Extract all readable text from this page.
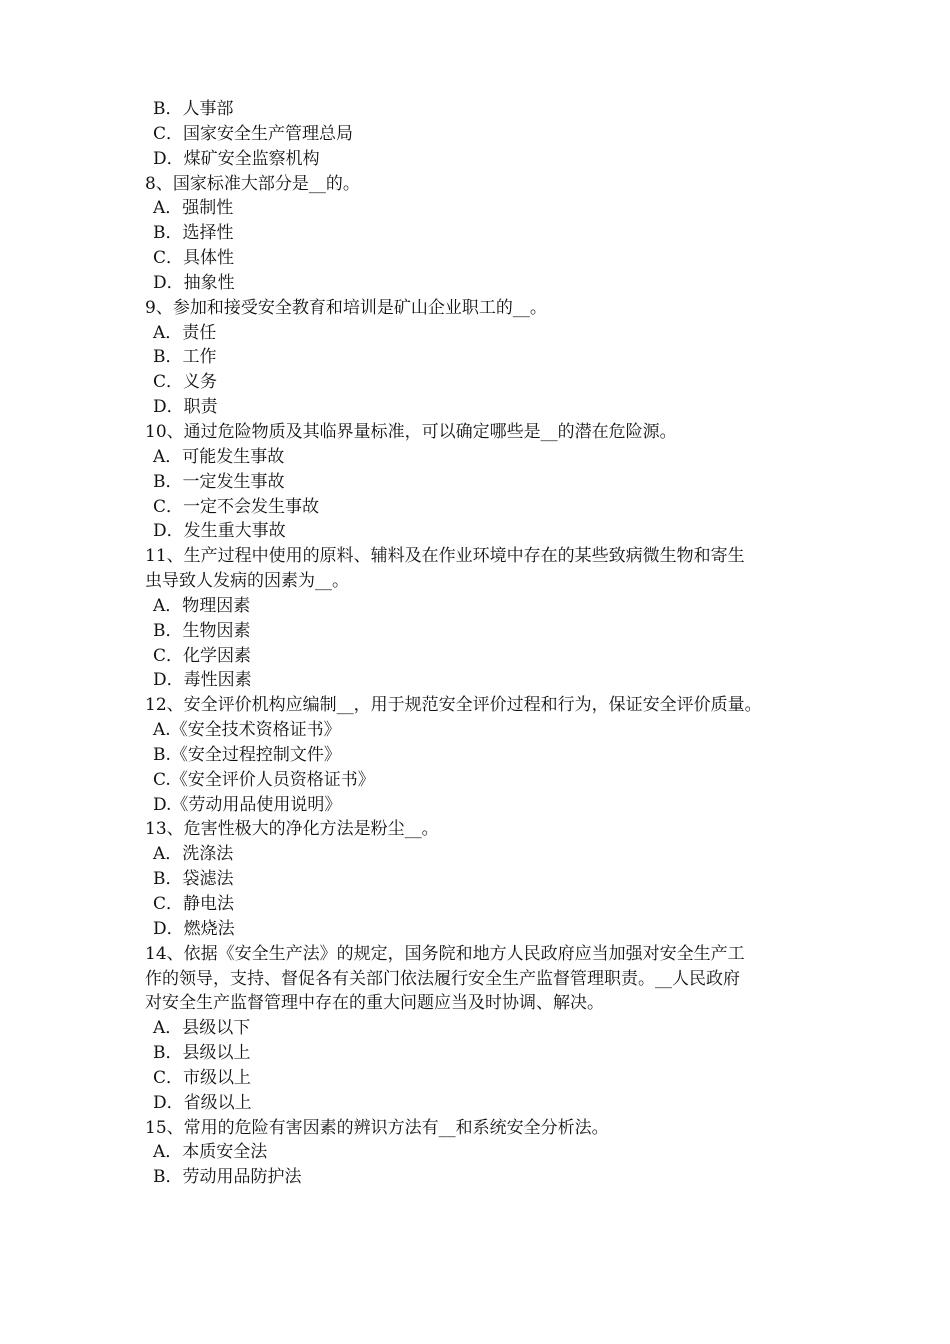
B．人事部

C．国家安全生产管理总局

D．煤矿安全监察机构

8、国家标准大部分是__的。

A．强制性

B．选择性

C．具体性

D．抽象性

9、参加和接受安全教育和培训是矿山企业职工的__。

A．责任

B．工作

C．义务

D．职责

10、通过危险物质及其临界量标准，可以确定哪些是__的潜在危险源。

A．可能发生事故

B．一定发生事故

C．一定不会发生事故

D．发生重大事故

11、生产过程中使用的原料、辅料及在作业环境中存在的某些致病微生物和寄生

虫导致人发病的因素为__。

A．物理因素

B．生物因素

C．化学因素

D．毒性因素

12、安全评价机构应编制__，用于规范安全评价过程和行为，保证安全评价质量。

A.《安全技术资格证书》

B.《安全过程控制文件》

C.《安全评价人员资格证书》

D.《劳动用品使用说明》

13、危害性极大的净化方法是粉尘__。

A．洗涤法

B．袋滤法

C．静电法

D．燃烧法

14、依据《安全生产法》的规定，国务院和地方人民政府应当加强对安全生产工

作的领导，支持、督促各有关部门依法履行安全生产监督管理职责。__人民政府

对安全生产监督管理中存在的重大问题应当及时协调、解决。

A．县级以下

B．县级以上

C．市级以上

D．省级以上

15、常用的危险有害因素的辨识方法有__和系统安全分析法。

A．本质安全法

B．劳动用品防护法
